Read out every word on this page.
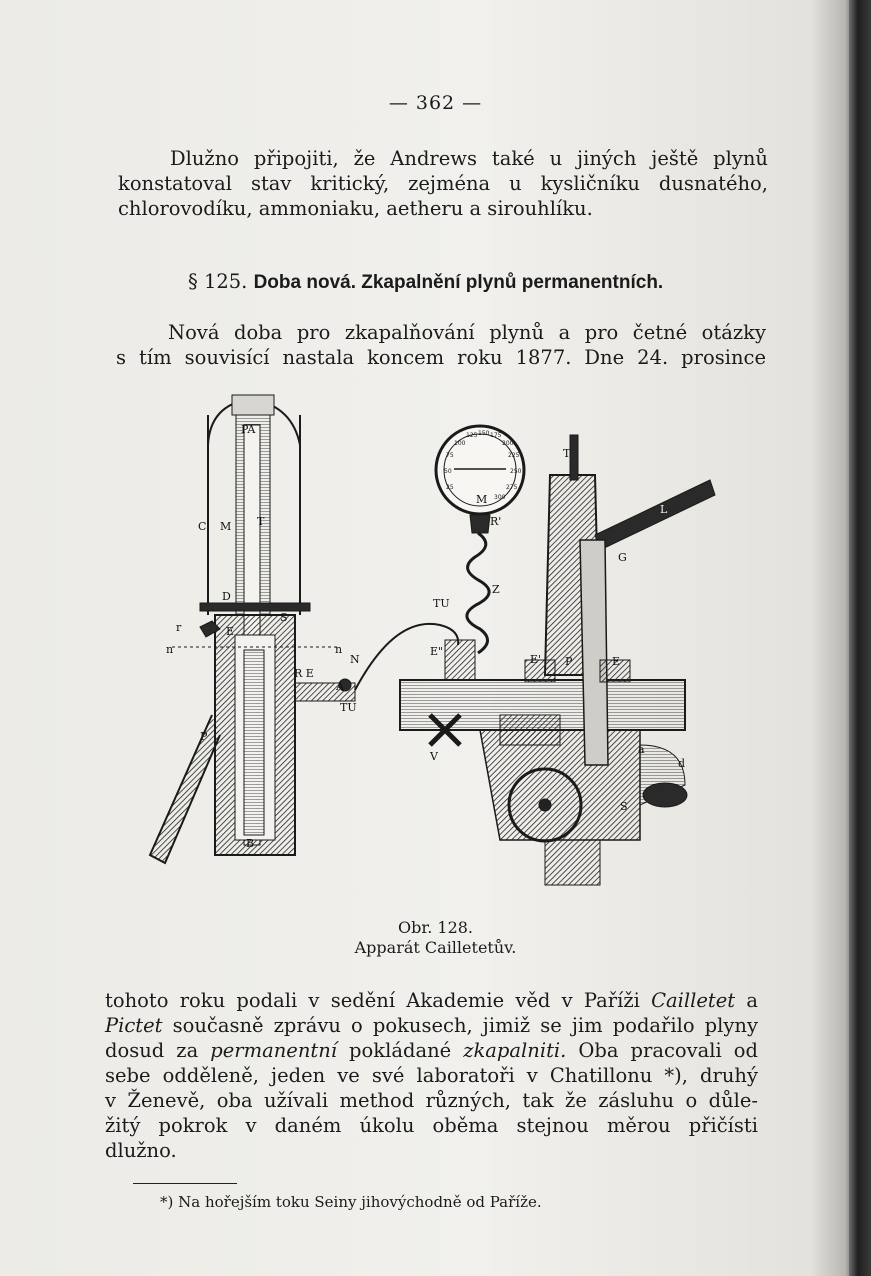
— 362 —
Dlužno připojiti, že Andrews také u jiných ještě plynů
konstatoval stav kritický, zejména u kysličníku dusnatého,
chlorovodíku, ammoniaku, aetheru a sirouhlíku.
§ 125. Doba nová. Zkapalnění plynů permanentních.
Nová doba pro zkapalňování plynů a pro četné otázky
s tím souvisící nastala koncem roku 1877. Dne 24. prosince
PA
C M T
D
S
r
n	n
E
P
B
N
R E
A
TU
25
50
75
100
125 150 175
200
225
250
275
300
TU
E"
Z
R'
M
T
L
G
E'	E
P
V
S
a
d
Obr. 128.
Apparát Cailletetův.
tohoto roku podali v sedění Akademie věd v Paříži Cailletet a
Pictet současně zprávu o pokusech, jimiž se jim podařilo plyny
dosud za permanentní pokládané zkapalniti. Oba pracovali od
sebe odděleně, jeden ve své laboratoři v Chatillonu *), druhý
v Ženevě, oba užívali method různých, tak že zásluhu o důle-
žitý pokrok v daném úkolu oběma stejnou měrou přičísti
dlužno.
*) Na hořejším toku Seiny jihovýchodně od Paříže.
